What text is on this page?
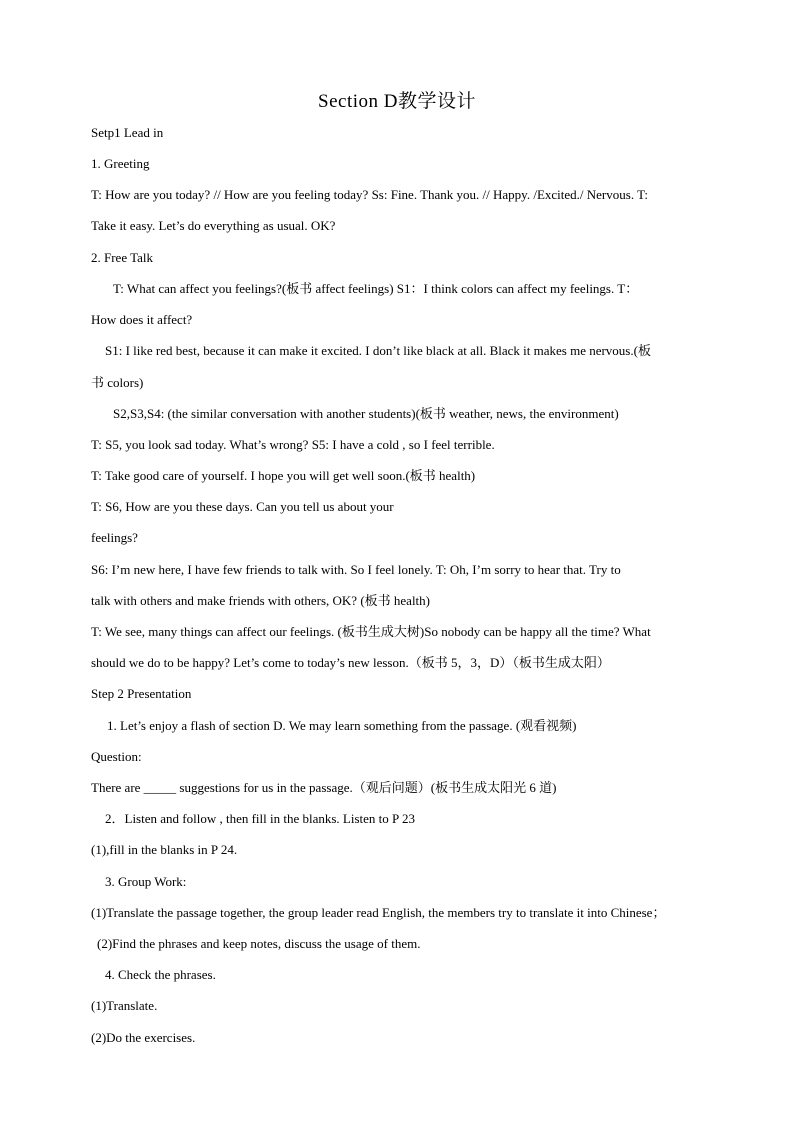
Section D教学设计
Setp1 Lead in
1. Greeting
T: How are you today? // How are you feeling today? Ss: Fine. Thank you. // Happy. /Excited./ Nervous. T:
Take it easy. Let’s do everything as usual. OK?
2. Free Talk
T: What can affect you feelings?(板书 affect feelings) S1：I think colors can affect my feelings. T：
How does it affect?
S1: I like red best, because it can make it excited. I don’t like black at all. Black it makes me nervous.(板
书 colors)
S2,S3,S4: (the similar conversation with another students)(板书 weather, news, the environment)
T: S5, you look sad today. What’s wrong? S5: I have a cold , so I feel terrible.
T: Take good care of yourself. I hope you will get well soon.(板书 health)
T: S6, How are you these days. Can you tell us about your
feelings?
S6: I’m new here, I have few friends to talk with. So I feel lonely. T: Oh, I’m sorry to hear that. Try to
talk with others and make friends with others, OK? (板书 health)
T: We see, many things can affect our feelings. (板书生成大树)So nobody can be happy all the time? What
should we do to be happy? Let’s come to today’s new lesson.（板书 5，3，D）（板书生成太阳）
Step 2 Presentation
1. Let’s enjoy a flash of section D. We may learn something from the passage. (观看视频)
Question:
There are _____ suggestions for us in the passage.（观后问题）(板书生成太阳光 6 道)
2．Listen and follow , then fill in the blanks. Listen to P 23
(1),fill in the blanks in P 24.
3. Group Work:
(1)Translate the passage together, the group leader read English, the members try to translate it into Chinese；
(2)Find the phrases and keep notes, discuss the usage of them.
4. Check the phrases.
(1)Translate.
(2)Do the exercises.
